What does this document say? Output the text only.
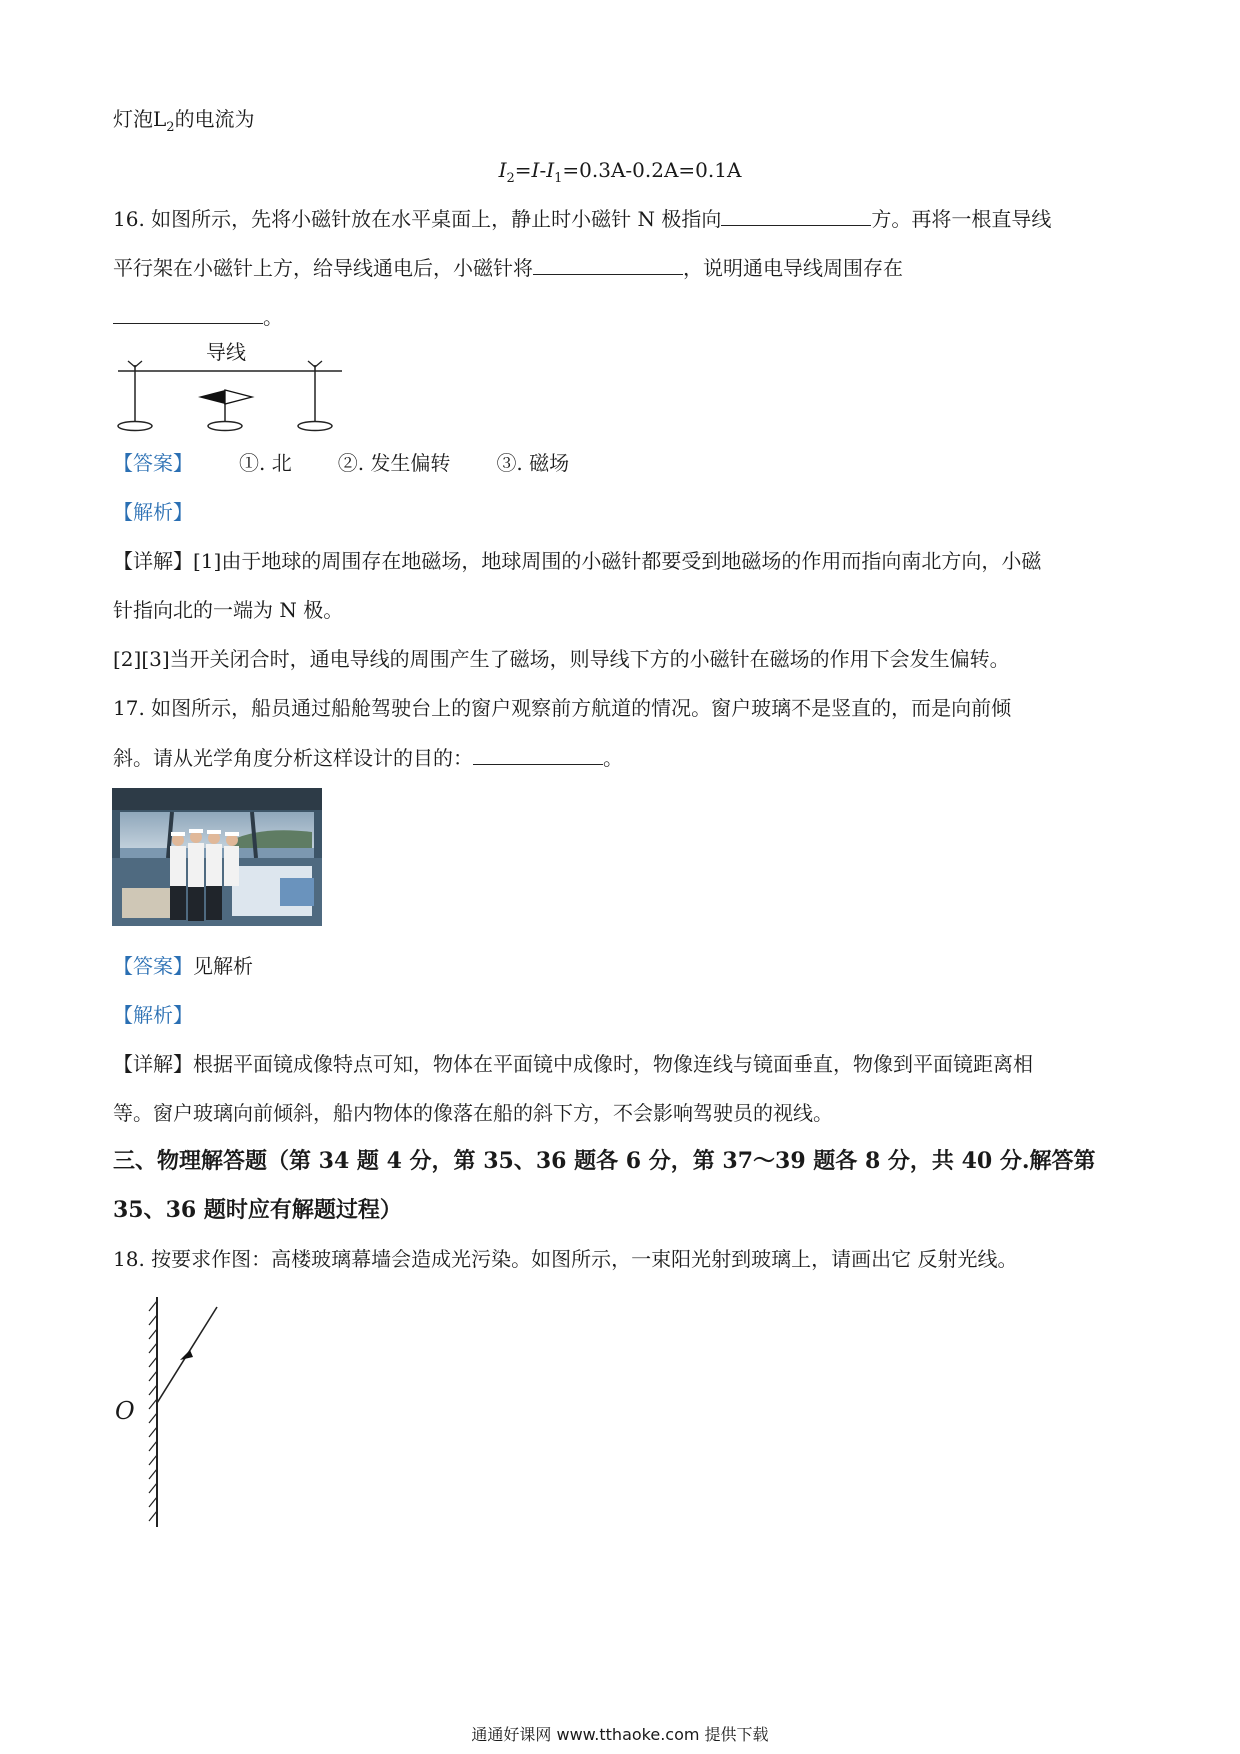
灯泡$L_2$的电流为
$I_2=I-I_1=0.3A-0.2A=0.1A$
16. 如图所示，先将小磁针放在水平桌面上，静止时小磁针 N 极指向	方。再将一根直导线
平行架在小磁针上方，给导线通电后，小磁针将	，说明通电导线周围存在
。
导线
【答案】 ①. 北 ②. 发生偏转 ③. 磁场
【解析】
【详解】[1]由于地球的周围存在地磁场，地球周围的小磁针都要受到地磁场的作用而指向南北方向，小磁
针指向北的一端为 N 极。
[2][3]当开关闭合时，通电导线的周围产生了磁场，则导线下方的小磁针在磁场的作用下会发生偏转。
17. 如图所示，船员通过船舱驾驶台上的窗户观察前方航道的情况。窗户玻璃不是竖直的，而是向前倾
斜。请从光学角度分析这样设计的目的：	。
【答案】见解析
【解析】
【详解】根据平面镜成像特点可知，物体在平面镜中成像时，物像连线与镜面垂直，物像到平面镜距离相
等。窗户玻璃向前倾斜，船内物体的像落在船的斜下方，不会影响驾驶员的视线。
三、物理解答题（第 34 题 4 分，第 35、36 题各 6 分，第 37～39 题各 8 分，共 40 分.解答第
35、36 题时应有解题过程）
18. 按要求作图：高楼玻璃幕墙会造成光污染。如图所示，一束阳光射到玻璃上，请画出它 反射光线。
O
通通好课网 www.tthaoke.com 提供下载
